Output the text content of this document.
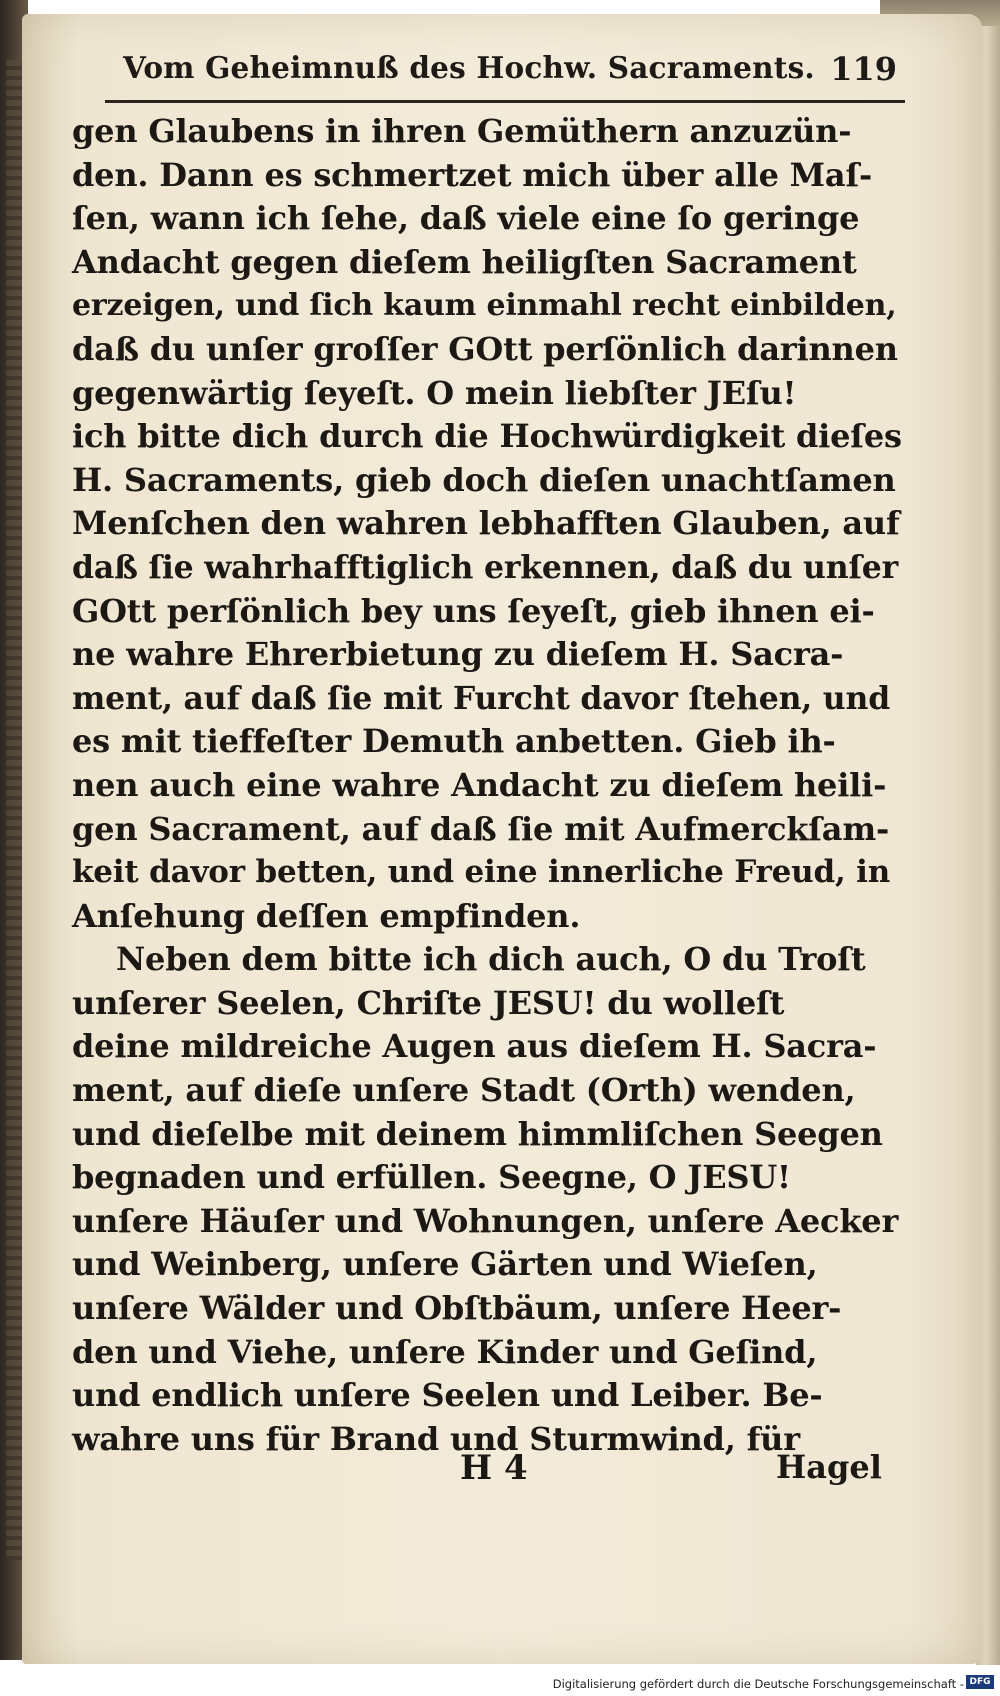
Vom Geheimnuß des Hochw. Sacraments. 119
gen Glaubens in ihren Gemüthern anzuzün-
den. Dann es schmertzet mich über alle Maſ-
ſen, wann ich ſehe, daß viele eine ſo geringe
Andacht gegen dieſem heiligſten Sacrament
erzeigen, und ſich kaum einmahl recht einbilden,
daß du unſer groſſer GOtt perſönlich darinnen
gegenwärtig ſeyeſt. O mein liebſter JEſu!
ich bitte dich durch die Hochwürdigkeit dieſes
H. Sacraments, gieb doch dieſen unachtſamen
Menſchen den wahren lebhafften Glauben, auf
daß ſie wahrhafftiglich erkennen, daß du unſer
GOtt perſönlich bey uns ſeyeſt, gieb ihnen ei-
ne wahre Ehrerbietung zu dieſem H. Sacra-
ment, auf daß ſie mit Furcht davor ſtehen, und
es mit tieffeſter Demuth anbetten. Gieb ih-
nen auch eine wahre Andacht zu dieſem heili-
gen Sacrament, auf daß ſie mit Aufmerckſam-
keit davor betten, und eine innerliche Freud, in
Anſehung deſſen empfinden.
Neben dem bitte ich dich auch, O du Troſt
unſerer Seelen, Chriſte JESU! du wolleſt
deine mildreiche Augen aus dieſem H. Sacra-
ment, auf dieſe unſere Stadt (Orth) wenden,
und dieſelbe mit deinem himmliſchen Seegen
begnaden und erfüllen. Seegne, O JESU!
unſere Häuſer und Wohnungen, unſere Aecker
und Weinberg, unſere Gärten und Wieſen,
unſere Wälder und Obſtbäum, unſere Heer-
den und Viehe, unſere Kinder und Geſind,
und endlich unſere Seelen und Leiber. Be-
wahre uns für Brand und Sturmwind, für
H 4	Hagel
Digitalisierung gefördert durch die Deutsche Forschungsgemeinschaft - DFG
